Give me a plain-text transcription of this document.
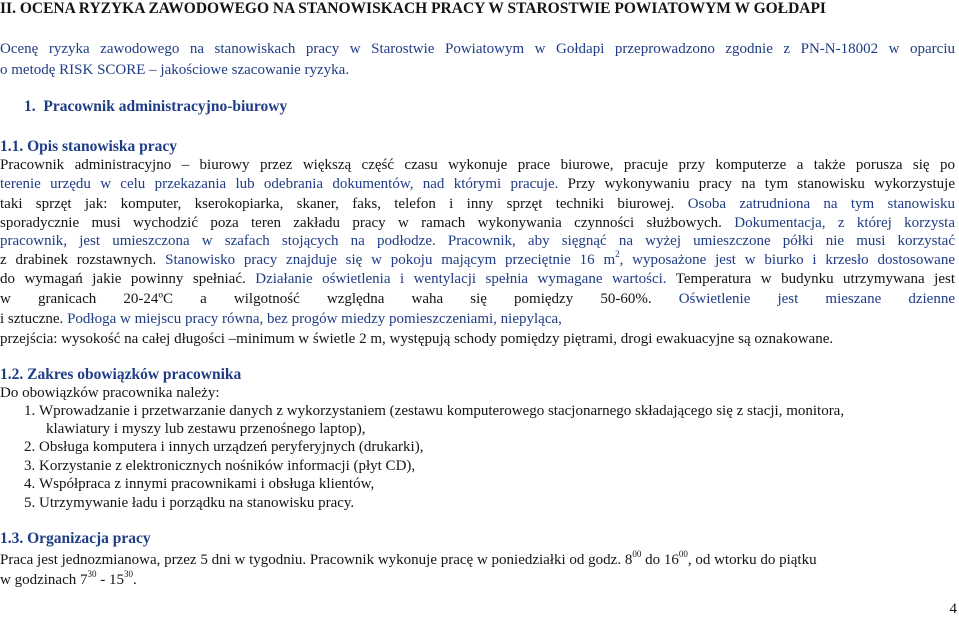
II. OCENA RYZYKA ZAWODOWEGO NA STANOWISKACH PRACY W STAROSTWIE POWIATOWYM W GOŁDAPI
Ocenę ryzyka zawodowego na stanowiskach pracy w Starostwie Powiatowym w Gołdapi przeprowadzono zgodnie z PN-N-18002 w oparciu
o metodę RISK SCORE – jakościowe szacowanie ryzyka.
1. Pracownik administracyjno-biurowy
1.1. Opis stanowiska pracy
Pracownik administracyjno – biurowy przez większą część czasu wykonuje prace biurowe, pracuje przy komputerze a także porusza się po
terenie urzędu w celu przekazania lub odebrania dokumentów, nad którymi pracuje. Przy wykonywaniu pracy na tym stanowisku wykorzystuje
taki sprzęt jak: komputer, kserokopiarka, skaner, faks, telefon i inny sprzęt techniki biurowej. Osoba zatrudniona na tym stanowisku
sporadycznie musi wychodzić poza teren zakładu pracy w ramach wykonywania czynności służbowych. Dokumentacja, z której korzysta
pracownik, jest umieszczona w szafach stojących na podłodze. Pracownik, aby sięgnąć na wyżej umieszczone półki nie musi korzystać
z drabinek rozstawnych. Stanowisko pracy znajduje się w pokoju mającym przeciętnie 16 $m^2$, wyposażone jest w biurko i krzesło dostosowane
do wymagań jakie powinny spełniać. Działanie oświetlenia i wentylacji spełnia wymagane wartości. Temperatura w budynku utrzymywana jest
w granicach 20-24ºC a wilgotność względna waha się pomiędzy 50-60%. Oświetlenie jest mieszane dzienne
i sztuczne. Podłoga w miejscu pracy równa, bez progów miedzy pomieszczeniami, niepyląca,
przejścia: wysokość na całej długości –minimum w świetle 2 m, występują schody pomiędzy piętrami, drogi ewakuacyjne są oznakowane.
1.2. Zakres obowiązków pracownika
Do obowiązków pracownika należy:
1. Wprowadzanie i przetwarzanie danych z wykorzystaniem (zestawu komputerowego stacjonarnego składającego się z stacji, monitora,
klawiatury i myszy lub zestawu przenośnego laptop),
2. Obsługa komputera i innych urządzeń peryferyjnych (drukarki),
3. Korzystanie z elektronicznych nośników informacji (płyt CD),
4. Współpraca z innymi pracownikami i obsługa klientów,
5. Utrzymywanie ładu i porządku na stanowisku pracy.
1.3. Organizacja pracy
Praca jest jednozmianowa, przez 5 dni w tygodniu. Pracownik wykonuje pracę w poniedziałki od godz. $8^{00}$ do $16^{00}$, od wtorku do piątku
w godzinach $7^{30} - 15^{30}$.
4
